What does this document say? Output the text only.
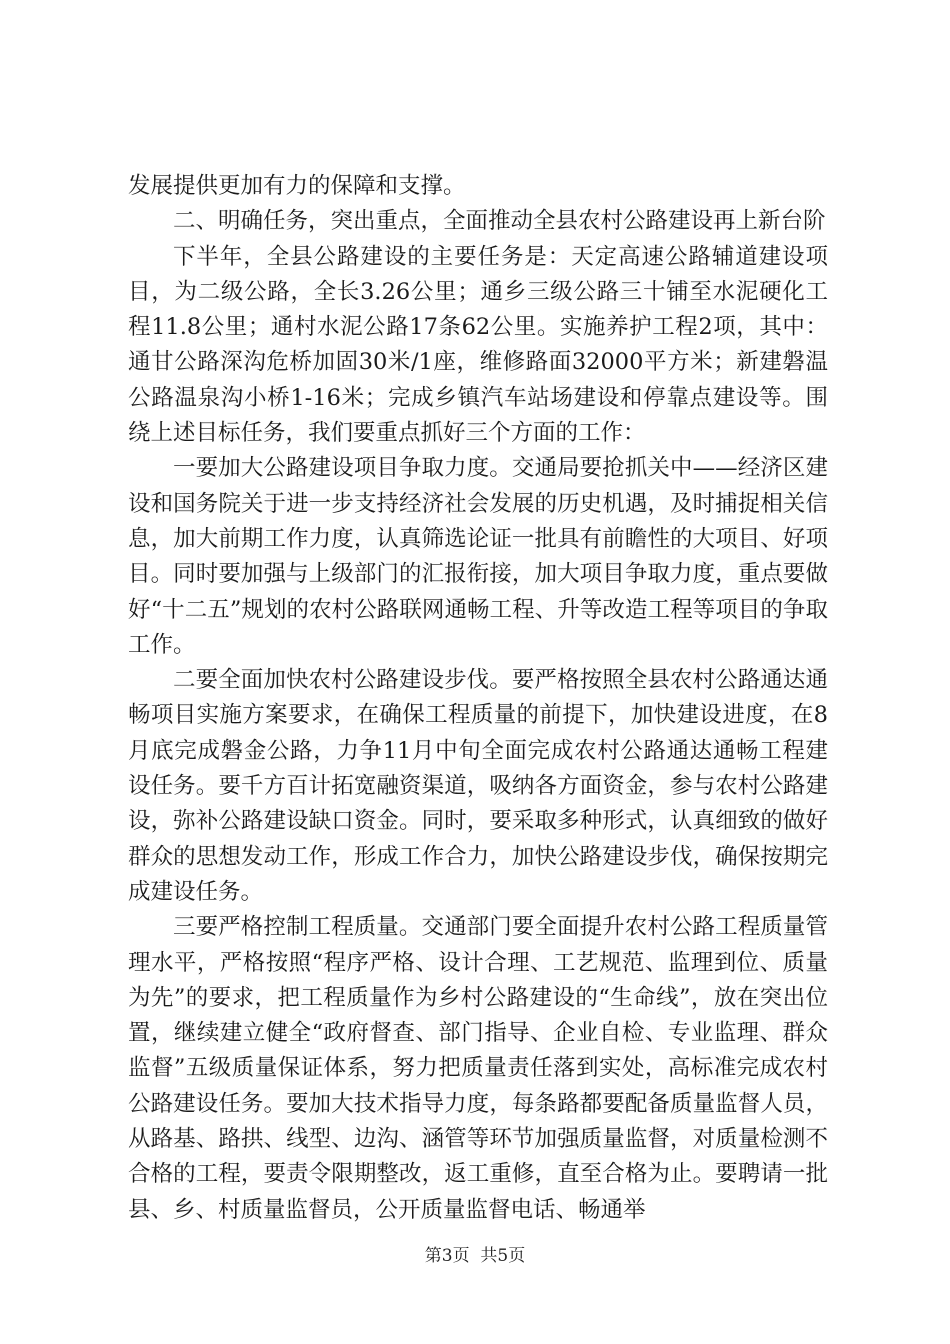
发展提供更加有力的保障和支撑。

二、明确任务，突出重点，全面推动全县农村公路建设再上新台阶

下半年，全县公路建设的主要任务是：天定高速公路辅道建设项目，为二级公路，全长3.26公里；通乡三级公路三十铺至水泥硬化工程11.8公里；通村水泥公路17条62公里。实施养护工程2项，其中：通甘公路深沟危桥加固30米/1座，维修路面32000平方米；新建磐温公路温泉沟小桥1-16米；完成乡镇汽车站场建设和停靠点建设等。围绕上述目标任务，我们要重点抓好三个方面的工作：

一要加大公路建设项目争取力度。交通局要抢抓关中——经济区建设和国务院关于进一步支持经济社会发展的历史机遇，及时捕捉相关信息，加大前期工作力度，认真筛选论证一批具有前瞻性的大项目、好项目。同时要加强与上级部门的汇报衔接，加大项目争取力度，重点要做好“十二五”规划的农村公路联网通畅工程、升等改造工程等项目的争取工作。

二要全面加快农村公路建设步伐。要严格按照全县农村公路通达通畅项目实施方案要求，在确保工程质量的前提下，加快建设进度，在8月底完成磐金公路，力争11月中旬全面完成农村公路通达通畅工程建设任务。要千方百计拓宽融资渠道，吸纳各方面资金，参与农村公路建设，弥补公路建设缺口资金。同时，要采取多种形式，认真细致的做好群众的思想发动工作，形成工作合力，加快公路建设步伐，确保按期完成建设任务。

三要严格控制工程质量。交通部门要全面提升农村公路工程质量管理水平，严格按照“程序严格、设计合理、工艺规范、监理到位、质量为先”的要求，把工程质量作为乡村公路建设的“生命线”，放在突出位置，继续建立健全“政府督查、部门指导、企业自检、专业监理、群众监督”五级质量保证体系，努力把质量责任落到实处，高标准完成农村公路建设任务。要加大技术指导力度，每条路都要配备质量监督人员，从路基、路拱、线型、边沟、涵管等环节加强质量监督，对质量检测不合格的工程，要责令限期整改，返工重修，直至合格为止。要聘请一批县、乡、村质量监督员，公开质量监督电话、畅通举

第3页 共5页
